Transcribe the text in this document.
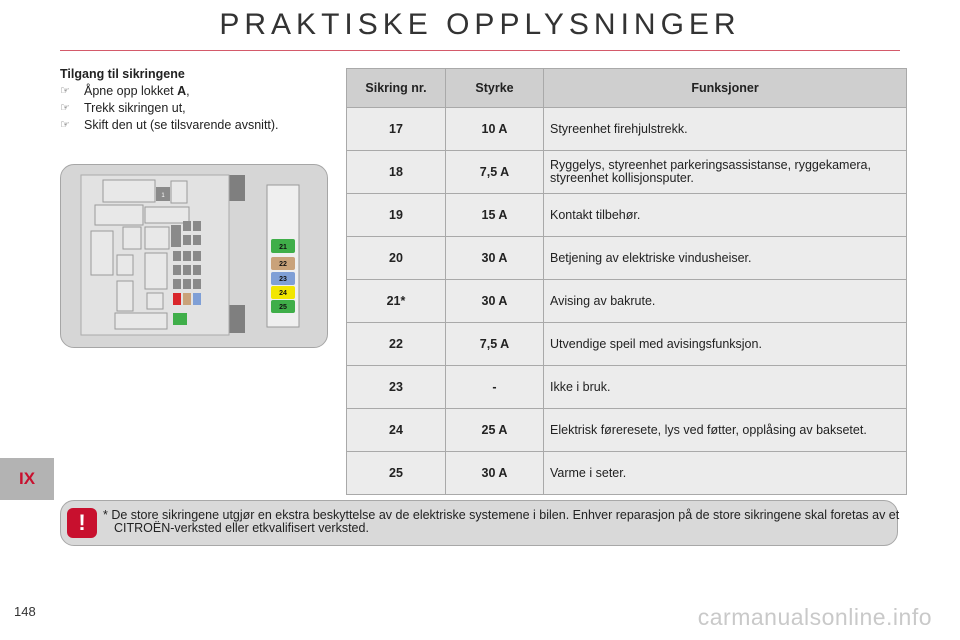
PRAKTISKE OPPLYSNINGER
Tilgang til sikringene
☞ Åpne opp lokket A,
☞ Trekk sikringen ut,
☞ Skift den ut (se tilsvarende avsnitt).
1
21
22
23
24
25
Sikring nr.	Styrke	Funksjoner
17	10 A	Styreenhet firehjulstrekk.
18	7,5 A	Ryggelys, styreenhet parkeringsassistanse, ryggekamera, styreenhet kollisjonsputer.
19	15 A	Kontakt tilbehør.
20	30 A	Betjening av elektriske vindusheiser.
21*	30 A	Avising av bakrute.
22	7,5 A	Utvendige speil med avisingsfunksjon.
23	-	Ikke i bruk.
24	25 A	Elektrisk føreresete, lys ved føtter, opplåsing av baksetet.
25	30 A	Varme i seter.
IX
!	* De store sikringene utgjør en ekstra beskyttelse av de elektriske systemene i bilen. Enhver reparasjon på de store sikringene skal foretas av et CITROËN-verksted eller etkvalifisert verksted.
148	carmanualsonline.info
